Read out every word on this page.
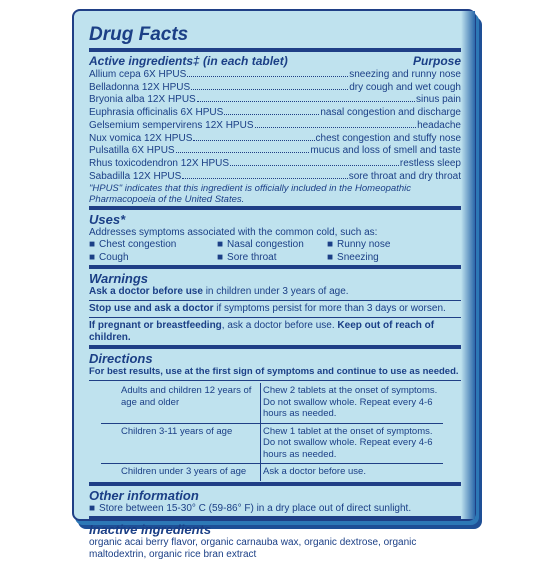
Drug Facts
Active ingredients‡ (in each tablet)	Purpose
Allium cepa 6X HPUS	sneezing and runny nose
Belladonna 12X HPUS	dry cough and wet cough
Bryonia alba 12X HPUS	sinus pain
Euphrasia officinalis 6X HPUS	nasal congestion and discharge
Gelsemium sempervirens 12X HPUS	headache
Nux vomica 12X HPUS	chest congestion and stuffy nose
Pulsatilla 6X HPUS	mucus and loss of smell and taste
Rhus toxicodendron 12X HPUS	restless sleep
Sabadilla 12X HPUS	sore throat and dry throat
"HPUS" indicates that this ingredient is officially included in the Homeopathic Pharmacopoeia of the United States.
Uses*
Addresses symptoms associated with the common cold, such as:
■ Chest congestion	■ Nasal congestion	■ Runny nose
■ Cough	■ Sore throat	■ Sneezing
Warnings
Ask a doctor before use in children under 3 years of age.
Stop use and ask a doctor if symptoms persist for more than 3 days or worsen.
If pregnant or breastfeeding, ask a doctor before use. Keep out of reach of children.
Directions
For best results, use at the first sign of symptoms and continue to use as needed.
Adults and children 12 years of age and older	Chew 2 tablets at the onset of symptoms. Do not swallow whole. Repeat every 4-6 hours as needed.
Children 3-11 years of age	Chew 1 tablet at the onset of symptoms. Do not swallow whole. Repeat every 4-6 hours as needed.
Children under 3 years of age	Ask a doctor before use.
Other information
■ Store between 15-30° C (59-86° F) in a dry place out of direct sunlight.
Inactive ingredients
organic acai berry flavor, organic carnauba wax, organic dextrose, organic maltodextrin, organic rice bran extract
